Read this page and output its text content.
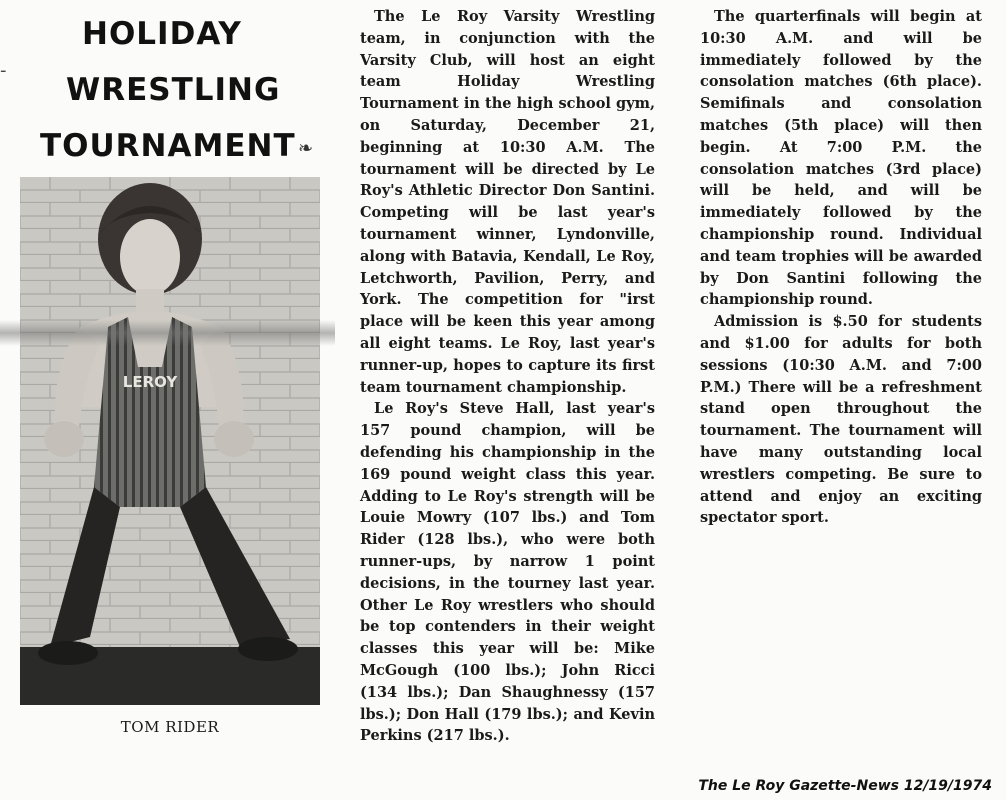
-
HOLIDAY
WRESTLING
TOURNAMENT ❧
LEROY
TOM RIDER

The Le Roy Varsity Wrestling team, in conjunction with the Varsity Club, will host an eight team Holiday Wrestling Tournament in the high school gym, on Saturday, December 21, beginning at 10:30 A.M. The tournament will be directed by Le Roy's Athletic Director Don Santini. Competing will be last year's tournament winner, Lyndonville, along with Batavia, Kendall, Le Roy, Letchworth, Pavilion, Perry, and York. The competition for "irst place will be keen this year among all eight teams. Le Roy, last year's runner-up, hopes to capture its first team tournament championship.

Le Roy's Steve Hall, last year's 157 pound champion, will be defending his championship in the 169 pound weight class this year. Adding to Le Roy's strength will be Louie Mowry (107 lbs.) and Tom Rider (128 lbs.), who were both runner-ups, by narrow 1 point decisions, in the tourney last year. Other Le Roy wrestlers who should be top contenders in their weight classes this year will be: Mike McGough (100 lbs.); John Ricci (134 lbs.); Dan Shaughnessy (157 lbs.); Don Hall (179 lbs.); and Kevin Perkins (217 lbs.).

The quarterfinals will begin at 10:30 A.M. and will be immediately followed by the consolation matches (6th place). Semifinals and consolation matches (5th place) will then begin. At 7:00 P.M. the consolation matches (3rd place) will be held, and will be immediately followed by the championship round. Individual and team trophies will be awarded by Don Santini following the championship round.

Admission is $.50 for students and $1.00 for adults for both sessions (10:30 A.M. and 7:00 P.M.) There will be a refreshment stand open throughout the tournament. The tournament will have many outstanding local wrestlers competing. Be sure to attend and enjoy an exciting spectator sport.

The Le Roy Gazette-News 12/19/1974
